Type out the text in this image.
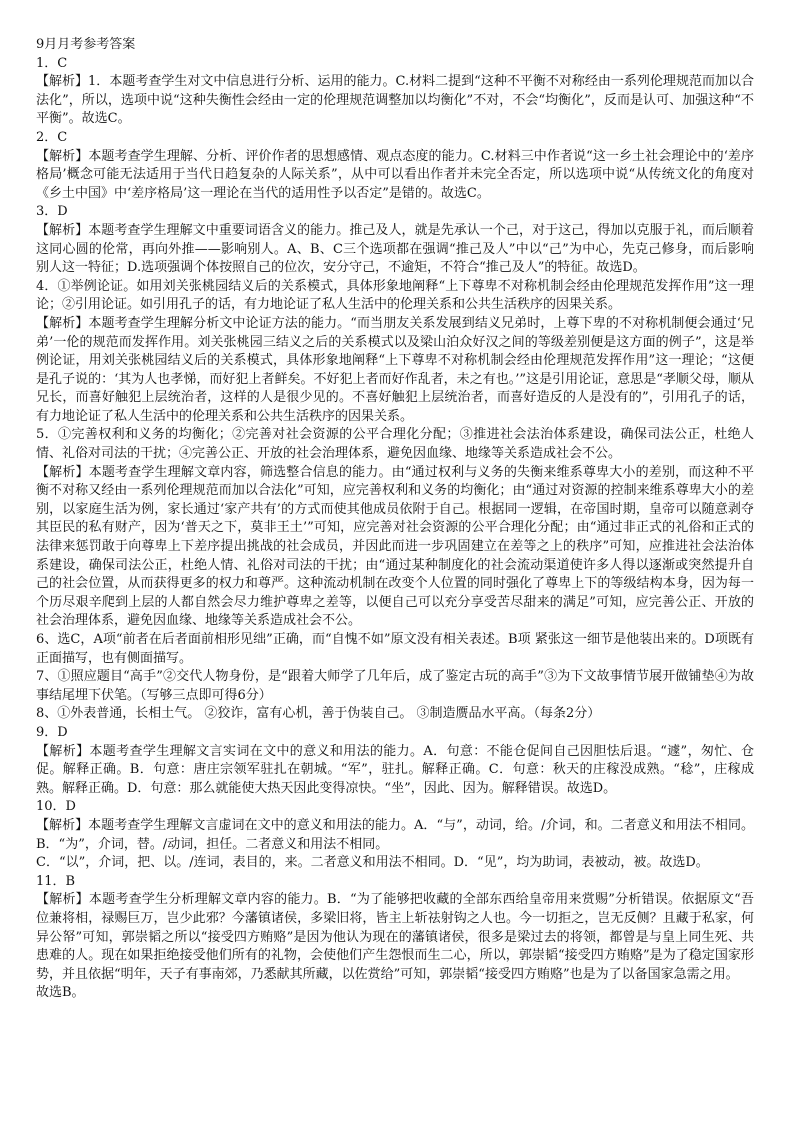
9月月考参考答案

1．C

【解析】1．本题考查学生对文中信息进行分析、运用的能力。C.材料二提到“这种不平衡不对称经由一系列伦理规范而加以合法化”，所以，选项中说“这种失衡性会经由一定的伦理规范调整加以均衡化”不对，不会“均衡化”，反而是认可、加强这种“不平衡”。故选C。

2．C

【解析】本题考查学生理解、分析、评价作者的思想感情、观点态度的能力。C.材料三中作者说“这一乡土社会理论中的‘差序格局’概念可能无法适用于当代日趋复杂的人际关系”，从中可以看出作者并未完全否定，所以选项中说“从传统文化的角度对《乡土中国》中‘差序格局’这一理论在当代的适用性予以否定”是错的。故选C。

3．D

【解析】本题考查学生理解文中重要词语含义的能力。推己及人，就是先承认一个己，对于这己，得加以克服于礼，而后顺着这同心圆的伦常，再向外推——影响别人。A、B、C三个选项都在强调“推己及人”中以“己”为中心，先克己修身，而后影响别人这一特征；D.选项强调个体按照自己的位次，安分守己，不逾矩，不符合“推己及人”的特征。故选D。

4．①举例论证。如用刘关张桃园结义后的关系模式，具体形象地阐释“上下尊卑不对称机制会经由伦理规范发挥作用”这一理论；②引用论证。如引用孔子的话，有力地论证了私人生活中的伦理关系和公共生活秩序的因果关系。

【解析】本题考查学生理解分析文中论证方法的能力。“而当朋友关系发展到结义兄弟时，上尊下卑的不对称机制便会通过‘兄弟’一伦的规范而发挥作用。刘关张桃园三结义之后的关系模式以及梁山泊众好汉之间的等级差别便是这方面的例子”，这是举例论证，用刘关张桃园结义后的关系模式，具体形象地阐释“上下尊卑不对称机制会经由伦理规范发挥作用”这一理论；“这便是孔子说的：‘其为人也孝悌，而好犯上者鲜矣。不好犯上者而好作乱者，未之有也。’”这是引用论证，意思是“孝顺父母，顺从兄长，而喜好触犯上层统治者，这样的人是很少见的。不喜好触犯上层统治者，而喜好造反的人是没有的”，引用孔子的话，有力地论证了私人生活中的伦理关系和公共生活秩序的因果关系。

5．①完善权利和义务的均衡化；②完善对社会资源的公平合理化分配；③推进社会法治体系建设，确保司法公正，杜绝人情、礼俗对司法的干扰；④完善公正、开放的社会治理体系，避免因血缘、地缘等关系造成社会不公。

【解析】本题考查学生理解文章内容，筛选整合信息的能力。由“通过权利与义务的失衡来维系尊卑大小的差别，而这种不平衡不对称又经由一系列伦理规范而加以合法化”可知，应完善权利和义务的均衡化；由“通过对资源的控制来维系尊卑大小的差别，以家庭生活为例，家长通过‘家产共有’的方式而使其他成员依附于自己。根据同一逻辑，在帝国时期，皇帝可以随意剥夺其臣民的私有财产，因为‘普天之下，莫非王土’”可知，应完善对社会资源的公平合理化分配；由“通过非正式的礼俗和正式的法律来惩罚敢于向尊卑上下差序提出挑战的社会成员，并因此而进一步巩固建立在差等之上的秩序”可知，应推进社会法治体系建设，确保司法公正，杜绝人情、礼俗对司法的干扰；由“通过某种制度化的社会流动渠道使许多人得以逐渐或突然提升自己的社会位置，从而获得更多的权力和尊严。这种流动机制在改变个人位置的同时强化了尊卑上下的等级结构本身，因为每一个历尽艰辛爬到上层的人都自然会尽力维护尊卑之差等，以便自己可以充分享受苦尽甜来的满足”可知，应完善公正、开放的社会治理体系，避免因血缘、地缘等关系造成社会不公。

6、选C，A项“前者在后者面前相形见绌”正确，而“自愧不如”原文没有相关表述。B项 紧张这一细节是他装出来的。D项既有正面描写，也有侧面描写。

7、①照应题目“高手”②交代人物身份，是“跟着大师学了几年后，成了鉴定古玩的高手”③为下文故事情节展开做铺垫④为故事结尾埋下伏笔。（写够三点即可得6分）

8、①外表普通，长相土气。 ②狡诈，富有心机，善于伪装自己。 ③制造赝品水平高。（每条2分）

9．D

【解析】本题考查学生理解文言实词在文中的意义和用法的能力。A．句意：不能仓促间自己因胆怯后退。“遽”，匆忙、仓促。解释正确。B．句意：唐庄宗领军驻扎在朝城。“军”，驻扎。解释正确。C．句意：秋天的庄稼没成熟。“稔”，庄稼成熟。解释正确。D．句意：那么就能使大热天因此变得凉快。“坐”，因此、因为。解释错误。故选D。

10．D

【解析】本题考查学生理解文言虚词在文中的意义和用法的能力。A．“与”，动词，给。/介词，和。二者意义和用法不相同。B．“为”，介词，替。/动词，担任。二者意义和用法不相同。

C．“以”，介词，把、以。/连词，表目的，来。二者意义和用法不相同。D．“见”，均为助词，表被动，被。故选D。

11．B

【解析】本题考查学生分析理解文章内容的能力。B．“为了能够把收藏的全部东西给皇帝用来赏赐”分析错误。依据原文“吾位兼将相，禄赐巨万，岂少此邪？今藩镇诸侯，多梁旧将，皆主上斩祛射钩之人也。今一切拒之，岂无反侧？且藏于私家，何异公帑”可知，郭崇韬之所以“接受四方贿赂”是因为他认为现在的藩镇诸侯，很多是梁过去的将领，都曾是与皇上同生死、共患难的人。现在如果拒绝接受他们所有的礼物，会使他们产生怨恨而生二心，所以，郭崇韬“接受四方贿赂”是为了稳定国家形势，并且依据“明年，天子有事南郊，乃悉献其所藏，以佐赏给”可知，郭崇韬“接受四方贿赂”也是为了以备国家急需之用。

故选B。
